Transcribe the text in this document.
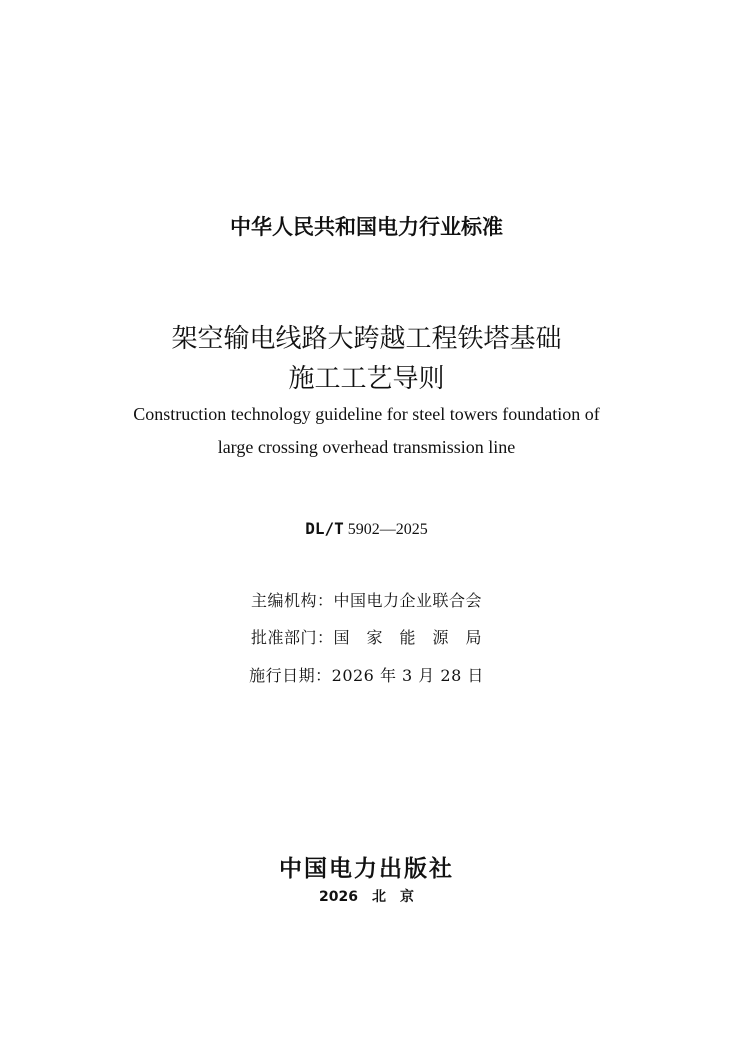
中华人民共和国电力行业标准
架空输电线路大跨越工程铁塔基础
施工工艺导则
Construction technology guideline for steel towers foundation of
large crossing overhead transmission line
DL/T 5902—2025
主编机构：中国电力企业联合会
批准部门：国　家　能　源　局
施行日期：2026 年 3 月 28 日
中国电力出版社
2026　北　京
